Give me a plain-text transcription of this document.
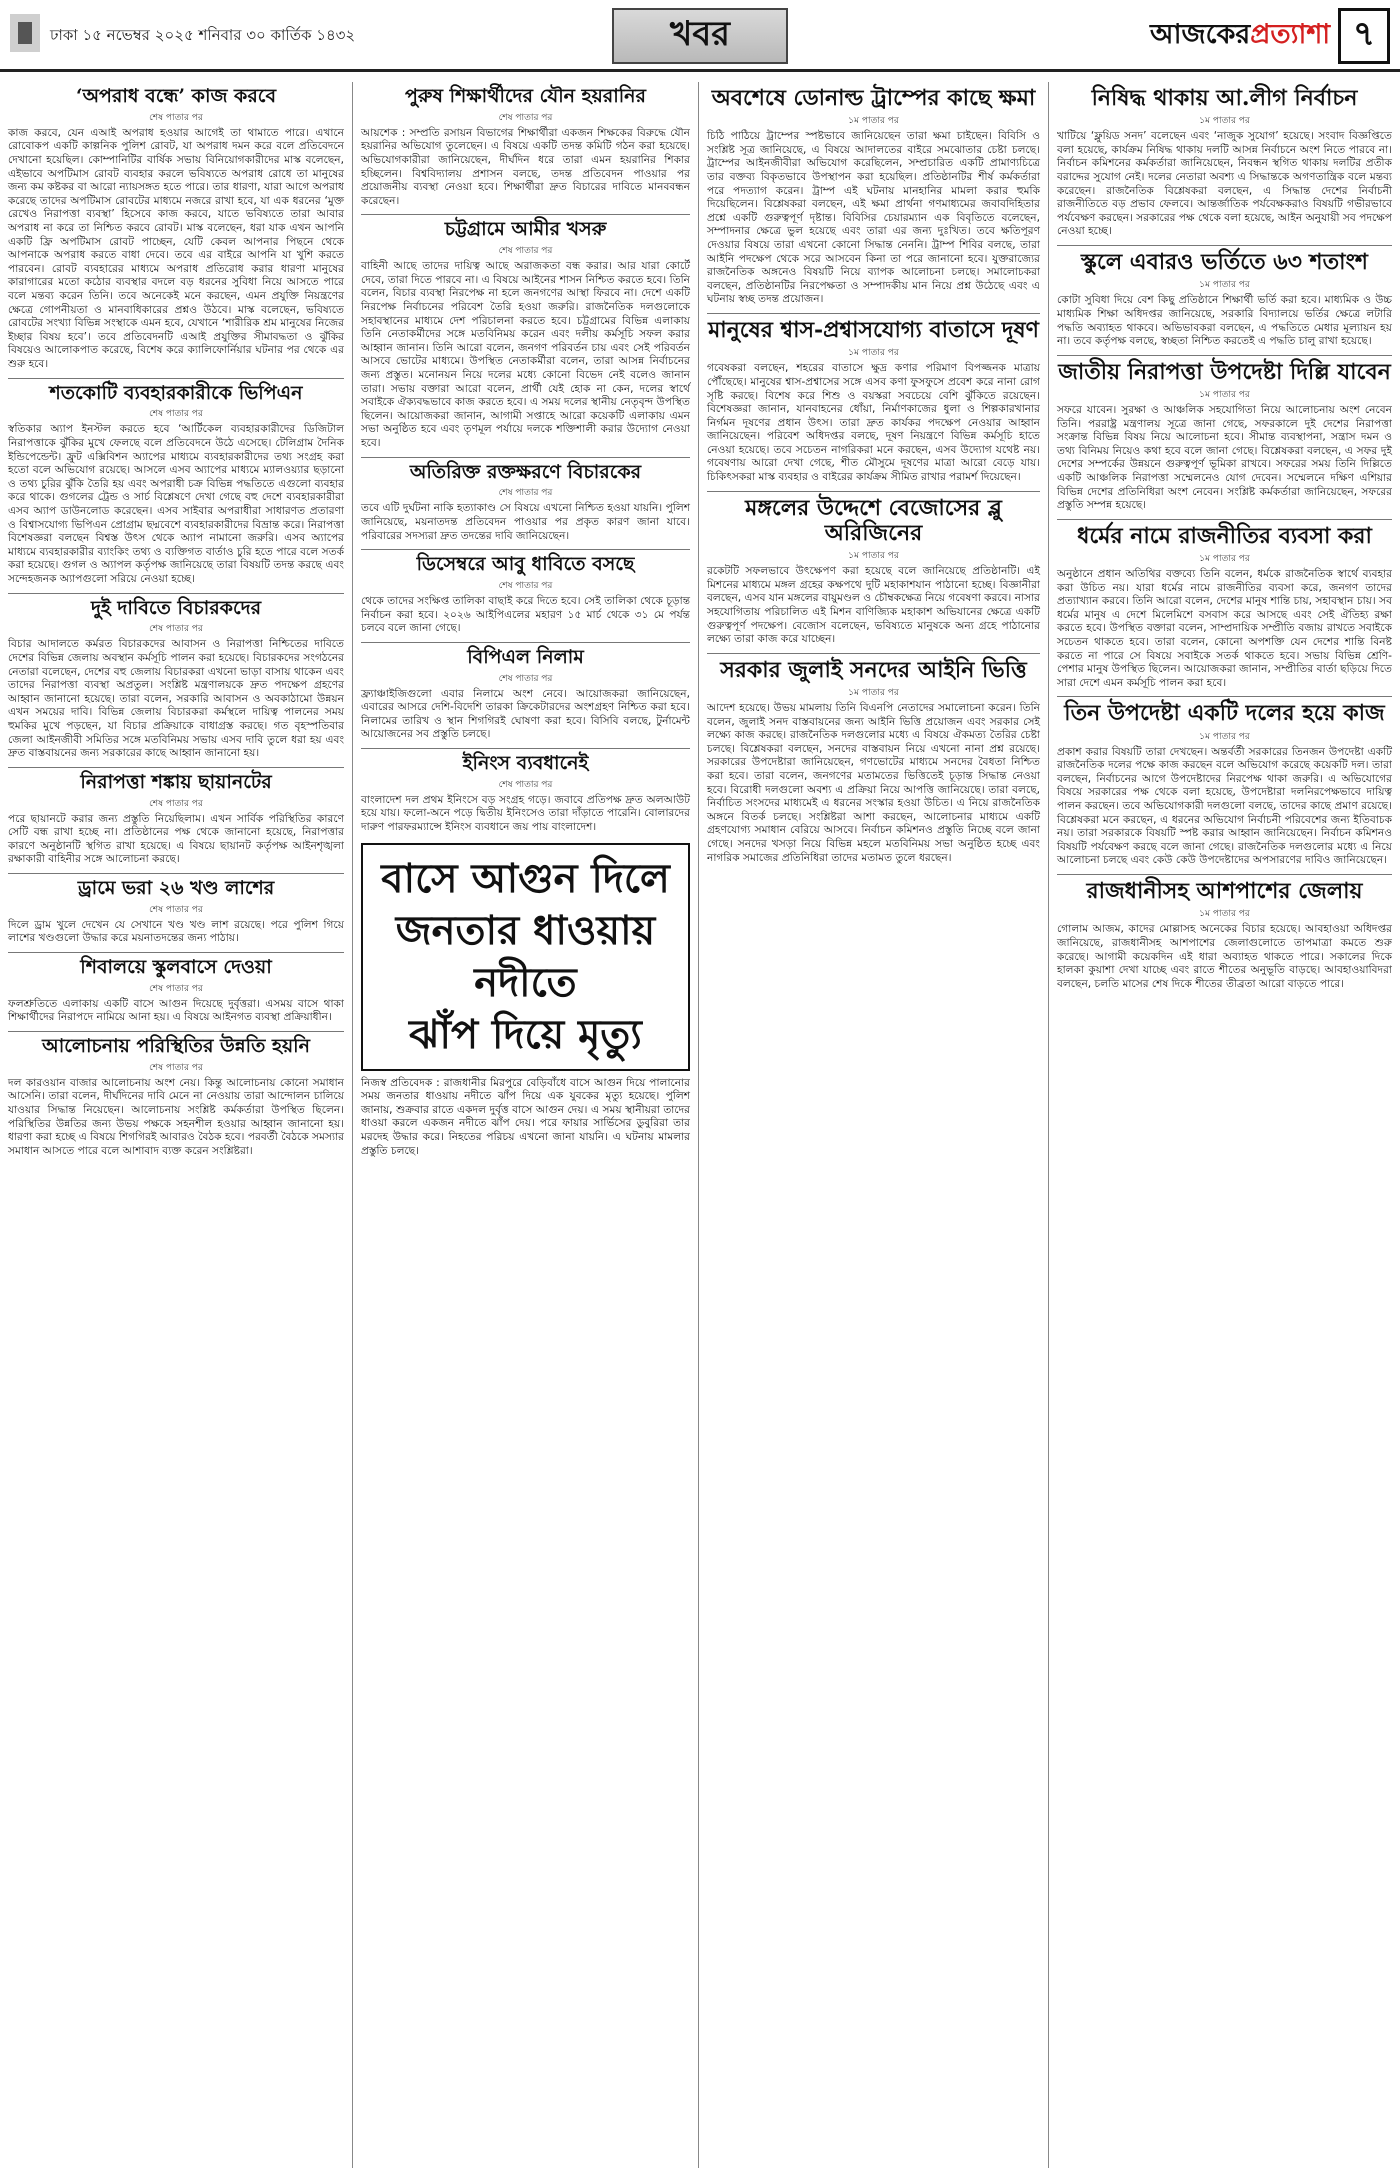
ঢাকা ১৫ নভেম্বর ২০২৫ শনিবার ৩০ কার্তিক ১৪৩২	খবর	আজকের প্রত্যাশা ৭
‘অপরাধ বন্ধে’ কাজ করবে
শেষ পাতার পর

কাজ করবে, যেন এআই অপরাধ হওয়ার আগেই তা থামাতে পারে। এখানে রোবোকপ একটি কাল্পনিক পুলিশ রোবট, যা অপরাধ দমন করে বলে প্রতিবেদনে দেখানো হয়েছিল। কোম্পানিটির বার্ষিক সভায় বিনিয়োগকারীদের মাস্ক বলেছেন, এইভাবে অপটিমাস রোবট ব্যবহার করলে ভবিষ্যতে অপরাধ রোধে তা মানুষের জন্য কম কষ্টকর বা আরো ন্যায়সঙ্গত হতে পারে। তার ধারণা, যারা আগে অপরাধ করেছে তাদের অপটিমাস রোবটের মাধ্যমে নজরে রাখা হবে, যা এক ধরনের ‘মুক্ত রেখেও নিরাপত্তা ব্যবস্থা’ হিসেবে কাজ করবে, যাতে ভবিষ্যতে তারা আবার অপরাধ না করে তা নিশ্চিত করবে রোবট। মাস্ক বলেছেন, ধরা যাক এখন আপনি একটি ফ্রি অপটিমাস রোবট পাচ্ছেন, যেটি কেবল আপনার পিছনে থেকে আপনাকে অপরাধ করতে বাধা দেবে। তবে এর বাইরে আপনি যা খুশি করতে পারবেন। রোবট ব্যবহারের মাধ্যমে অপরাধ প্রতিরোধ করার ধারণা মানুষের কারাগারের মতো কঠোর ব্যবস্থার বদলে বড় ধরনের সুবিধা নিয়ে আসতে পারে বলে মন্তব্য করেন তিনি। তবে অনেকেই মনে করছেন, এমন প্রযুক্তি নিয়ন্ত্রণের ক্ষেত্রে গোপনীয়তা ও মানবাধিকারের প্রশ্নও উঠবে। মাস্ক বলেছেন, ভবিষ্যতে রোবটের সংখ্যা বিভিন্ন সংস্থাকে এমন হবে, যেখানে ‘শারীরিক শ্রম মানুষের নিজের ইচ্ছার বিষয় হবে’। তবে প্রতিবেদনটি এআই প্রযুক্তির সীমাবদ্ধতা ও ঝুঁকির বিষয়েও আলোকপাত করেছে, বিশেষ করে ক্যালিফোর্নিয়ার ঘটনার পর থেকে এর শুরু হবে।

শতকোটি ব্যবহারকারীকে ভিপিএন
শেষ পাতার পর

স্বতিকার অ্যাপ ইনস্টল করতে হবে ‘আর্টিকেল ব্যবহারকারীদের ডিজিটাল নিরাপত্তাকে ঝুঁকির মুখে ফেলছে বলে প্রতিবেদনে উঠে এসেছে। টেলিগ্রাম দৈনিক ইন্ডিপেন্ডেন্ট। ফ্রুট এক্সিবিশন অ্যাপের মাধ্যমে ব্যবহারকারীদের তথ্য সংগ্রহ করা হতো বলে অভিযোগ রয়েছে। আসলে এসব অ্যাপের মাধ্যমে ম্যালওয়্যার ছড়ানো ও তথ্য চুরির ঝুঁকি তৈরি হয় এবং অপরাধী চক্র বিভিন্ন পদ্ধতিতে এগুলো ব্যবহার করে থাকে। গুগলের ট্রেন্ড ও সার্চ বিশ্লেষণে দেখা গেছে বহু দেশে ব্যবহারকারীরা এসব অ্যাপ ডাউনলোড করেছেন। এসব সাইবার অপরাধীরা সাধারণত প্রতারণা ও বিশ্বাসযোগ্য ভিপিএন প্রোগ্রাম ছদ্মবেশে ব্যবহারকারীদের বিভ্রান্ত করে। নিরাপত্তা বিশেষজ্ঞরা বলছেন বিশ্বস্ত উৎস থেকে অ্যাপ নামানো জরুরি। এসব অ্যাপের মাধ্যমে ব্যবহারকারীর ব্যাংকিং তথ্য ও ব্যক্তিগত বার্তাও চুরি হতে পারে বলে সতর্ক করা হয়েছে। গুগল ও অ্যাপল কর্তৃপক্ষ জানিয়েছে তারা বিষয়টি তদন্ত করছে এবং সন্দেহজনক অ্যাপগুলো সরিয়ে নেওয়া হচ্ছে।

দুই দাবিতে বিচারকদের
শেষ পাতার পর

বিচার আদালতে কর্মরত বিচারকদের আবাসন ও নিরাপত্তা নিশ্চিতের দাবিতে দেশের বিভিন্ন জেলায় অবস্থান কর্মসূচি পালন করা হয়েছে। বিচারকদের সংগঠনের নেতারা বলেছেন, দেশের বহু জেলায় বিচারকরা এখনো ভাড়া বাসায় থাকেন এবং তাদের নিরাপত্তা ব্যবস্থা অপ্রতুল। সংশ্লিষ্ট মন্ত্রণালয়কে দ্রুত পদক্ষেপ গ্রহণের আহ্বান জানানো হয়েছে। তারা বলেন, সরকারি আবাসন ও অবকাঠামো উন্নয়ন এখন সময়ের দাবি। বিভিন্ন জেলায় বিচারকরা কর্মস্থলে দায়িত্ব পালনের সময় হুমকির মুখে পড়ছেন, যা বিচার প্রক্রিয়াকে বাধাগ্রস্ত করছে। গত বৃহস্পতিবার জেলা আইনজীবী সমিতির সঙ্গে মতবিনিময় সভায় এসব দাবি তুলে ধরা হয় এবং দ্রুত বাস্তবায়নের জন্য সরকারের কাছে আহ্বান জানানো হয়।

নিরাপত্তা শঙ্কায় ছায়ানটের
শেষ পাতার পর

পরে ছায়ানটে করার জন্য প্রস্তুতি নিয়েছিলাম। এখন সার্বিক পরিস্থিতির কারণে সেটি বন্ধ রাখা হচ্ছে না। প্রতিষ্ঠানের পক্ষ থেকে জানানো হয়েছে, নিরাপত্তার কারণে অনুষ্ঠানটি স্থগিত রাখা হয়েছে। এ বিষয়ে ছায়ানট কর্তৃপক্ষ আইনশৃঙ্খলা রক্ষাকারী বাহিনীর সঙ্গে আলোচনা করছে।

ড্রামে ভরা ২৬ খণ্ড লাশের
শেষ পাতার পর

দিলে ড্রাম খুলে দেখেন যে সেখানে খণ্ড খণ্ড লাশ রয়েছে। পরে পুলিশ গিয়ে লাশের খণ্ডগুলো উদ্ধার করে ময়নাতদন্তের জন্য পাঠায়।

শিবালয়ে স্কুলবাসে দেওয়া
শেষ পাতার পর

ফলশ্রুতিতে এলাকায় একটি বাসে আগুন দিয়েছে দুর্বৃত্তরা। এসময় বাসে থাকা শিক্ষার্থীদের নিরাপদে নামিয়ে আনা হয়। এ বিষয়ে আইনগত ব্যবস্থা প্রক্রিয়াধীন।

আলোচনায় পরিস্থিতির উন্নতি হয়নি
শেষ পাতার পর

দল কারওয়ান বাজার আলোচনায় অংশ নেয়। কিন্তু আলোচনায় কোনো সমাধান আসেনি। তারা বলেন, দীর্ঘদিনের দাবি মেনে না নেওয়ায় তারা আন্দোলন চালিয়ে যাওয়ার সিদ্ধান্ত নিয়েছেন। আলোচনায় সংশ্লিষ্ট কর্মকর্তারা উপস্থিত ছিলেন। পরিস্থিতির উন্নতির জন্য উভয় পক্ষকে সহনশীল হওয়ার আহ্বান জানানো হয়। ধারণা করা হচ্ছে এ বিষয়ে শিগগিরই আবারও বৈঠক হবে। পরবর্তী বৈঠকে সমস্যার সমাধান আসতে পারে বলে আশাবাদ ব্যক্ত করেন সংশ্লিষ্টরা।

পুরুষ শিক্ষার্থীদের যৌন হয়রানির
শেষ পাতার পর

আয়শেক : সম্প্রতি রসায়ন বিভাগের শিক্ষার্থীরা একজন শিক্ষকের বিরুদ্ধে যৌন হয়রানির অভিযোগ তুলেছেন। এ বিষয়ে একটি তদন্ত কমিটি গঠন করা হয়েছে। অভিযোগকারীরা জানিয়েছেন, দীর্ঘদিন ধরে তারা এমন হয়রানির শিকার হচ্ছিলেন। বিশ্ববিদ্যালয় প্রশাসন বলছে, তদন্ত প্রতিবেদন পাওয়ার পর প্রয়োজনীয় ব্যবস্থা নেওয়া হবে। শিক্ষার্থীরা দ্রুত বিচারের দাবিতে মানববন্ধন করেছেন।

চট্টগ্রামে আমীর খসরু
শেষ পাতার পর

বাহিনী আছে তাদের দায়িত্ব আছে অরাজকতা বন্ধ করার। আর যারা কোর্টে দেবে, তারা দিতে পারবে না। এ বিষয়ে আইনের শাসন নিশ্চিত করতে হবে। তিনি বলেন, বিচার ব্যবস্থা নিরপেক্ষ না হলে জনগণের আস্থা ফিরবে না। দেশে একটি নিরপেক্ষ নির্বাচনের পরিবেশ তৈরি হওয়া জরুরি। রাজনৈতিক দলগুলোকে সহাবস্থানের মাধ্যমে দেশ পরিচালনা করতে হবে। চট্টগ্রামের বিভিন্ন এলাকায় তিনি নেতাকর্মীদের সঙ্গে মতবিনিময় করেন এবং দলীয় কর্মসূচি সফল করার আহ্বান জানান। তিনি আরো বলেন, জনগণ পরিবর্তন চায় এবং সেই পরিবর্তন আসবে ভোটের মাধ্যমে। উপস্থিত নেতাকর্মীরা বলেন, তারা আসন্ন নির্বাচনের জন্য প্রস্তুত। মনোনয়ন নিয়ে দলের মধ্যে কোনো বিভেদ নেই বলেও জানান তারা। সভায় বক্তারা আরো বলেন, প্রার্থী যেই হোক না কেন, দলের স্বার্থে সবাইকে ঐক্যবদ্ধভাবে কাজ করতে হবে। এ সময় দলের স্থানীয় নেতৃবৃন্দ উপস্থিত ছিলেন। আয়োজকরা জানান, আগামী সপ্তাহে আরো কয়েকটি এলাকায় এমন সভা অনুষ্ঠিত হবে এবং তৃণমূল পর্যায়ে দলকে শক্তিশালী করার উদ্যোগ নেওয়া হবে।

অতিরিক্ত রক্তক্ষরণে বিচারকের
শেষ পাতার পর

তবে এটি দুর্ঘটনা নাকি হত্যাকাণ্ড সে বিষয়ে এখনো নিশ্চিত হওয়া যায়নি। পুলিশ জানিয়েছে, ময়নাতদন্ত প্রতিবেদন পাওয়ার পর প্রকৃত কারণ জানা যাবে। পরিবারের সদস্যরা দ্রুত তদন্তের দাবি জানিয়েছেন।

ডিসেম্বরে আবু ধাবিতে বসছে
শেষ পাতার পর

থেকে তাদের সংক্ষিপ্ত তালিকা বাছাই করে দিতে হবে। সেই তালিকা থেকে চূড়ান্ত নির্বাচন করা হবে। ২০২৬ আইপিএলের মহারণ ১৫ মার্চ থেকে ৩১ মে পর্যন্ত চলবে বলে জানা গেছে।

বিপিএল নিলাম
শেষ পাতার পর

ফ্র্যাঞ্চাইজিগুলো এবার নিলামে অংশ নেবে। আয়োজকরা জানিয়েছেন, এবারের আসরে দেশি-বিদেশি তারকা ক্রিকেটারদের অংশগ্রহণ নিশ্চিত করা হবে। নিলামের তারিখ ও স্থান শিগগিরই ঘোষণা করা হবে। বিসিবি বলছে, টুর্নামেন্ট আয়োজনের সব প্রস্তুতি চলছে।

ইনিংস ব্যবধানেই
শেষ পাতার পর

বাংলাদেশ দল প্রথম ইনিংসে বড় সংগ্রহ গড়ে। জবাবে প্রতিপক্ষ দ্রুত অলআউট হয়ে যায়। ফলো-অনে পড়ে দ্বিতীয় ইনিংসেও তারা দাঁড়াতে পারেনি। বোলারদের দারুণ পারফরম্যান্সে ইনিংস ব্যবধানে জয় পায় বাংলাদেশ।

বাসে আগুন দিলে
জনতার ধাওয়ায় নদীতে
ঝাঁপ দিয়ে মৃত্যু

নিজস্ব প্রতিবেদক : রাজধানীর মিরপুরে বেড়িবাঁধে বাসে আগুন দিয়ে পালানোর সময় জনতার ধাওয়ায় নদীতে ঝাঁপ দিয়ে এক যুবকের মৃত্যু হয়েছে। পুলিশ জানায়, শুক্রবার রাতে একদল দুর্বৃত্ত বাসে আগুন দেয়। এ সময় স্থানীয়রা তাদের ধাওয়া করলে একজন নদীতে ঝাঁপ দেয়। পরে ফায়ার সার্ভিসের ডুবুরিরা তার মরদেহ উদ্ধার করে। নিহতের পরিচয় এখনো জানা যায়নি। এ ঘটনায় মামলার প্রস্তুতি চলছে।

অবশেষে ডোনাল্ড ট্রাম্পের কাছে ক্ষমা
১ম পাতার পর

চিঠি পাঠিয়ে ট্রাম্পের স্পষ্টভাবে জানিয়েছেন তারা ক্ষমা চাইছেন। বিবিসি ও সংশ্লিষ্ট সূত্র জানিয়েছে, এ বিষয়ে আদালতের বাইরে সমঝোতার চেষ্টা চলছে। ট্রাম্পের আইনজীবীরা অভিযোগ করেছিলেন, সম্প্রচারিত একটি প্রামাণ্যচিত্রে তার বক্তব্য বিকৃতভাবে উপস্থাপন করা হয়েছিল। প্রতিষ্ঠানটির শীর্ষ কর্মকর্তারা পরে পদত্যাগ করেন। ট্রাম্প এই ঘটনায় মানহানির মামলা করার হুমকি দিয়েছিলেন। বিশ্লেষকরা বলছেন, এই ক্ষমা প্রার্থনা গণমাধ্যমের জবাবদিহিতার প্রশ্নে একটি গুরুত্বপূর্ণ দৃষ্টান্ত। বিবিসির চেয়ারম্যান এক বিবৃতিতে বলেছেন, সম্পাদনার ক্ষেত্রে ভুল হয়েছে এবং তারা এর জন্য দুঃখিত। তবে ক্ষতিপূরণ দেওয়ার বিষয়ে তারা এখনো কোনো সিদ্ধান্ত নেননি। ট্রাম্প শিবির বলছে, তারা আইনি পদক্ষেপ থেকে সরে আসবেন কিনা তা পরে জানানো হবে। যুক্তরাজ্যের রাজনৈতিক অঙ্গনেও বিষয়টি নিয়ে ব্যাপক আলোচনা চলছে। সমালোচকরা বলছেন, প্রতিষ্ঠানটির নিরপেক্ষতা ও সম্পাদকীয় মান নিয়ে প্রশ্ন উঠেছে এবং এ ঘটনায় স্বচ্ছ তদন্ত প্রয়োজন।

মানুষের শ্বাস-প্রশ্বাসযোগ্য বাতাসে দূষণ
১ম পাতার পর

গবেষকরা বলছেন, শহরের বাতাসে ক্ষুদ্র কণার পরিমাণ বিপজ্জনক মাত্রায় পৌঁছেছে। মানুষের শ্বাস-প্রশ্বাসের সঙ্গে এসব কণা ফুসফুসে প্রবেশ করে নানা রোগ সৃষ্টি করছে। বিশেষ করে শিশু ও বয়স্করা সবচেয়ে বেশি ঝুঁকিতে রয়েছেন। বিশেষজ্ঞরা জানান, যানবাহনের ধোঁয়া, নির্মাণকাজের ধুলা ও শিল্পকারখানার নির্গমন দূষণের প্রধান উৎস। তারা দ্রুত কার্যকর পদক্ষেপ নেওয়ার আহ্বান জানিয়েছেন। পরিবেশ অধিদপ্তর বলছে, দূষণ নিয়ন্ত্রণে বিভিন্ন কর্মসূচি হাতে নেওয়া হয়েছে। তবে সচেতন নাগরিকরা মনে করছেন, এসব উদ্যোগ যথেষ্ট নয়। গবেষণায় আরো দেখা গেছে, শীত মৌসুমে দূষণের মাত্রা আরো বেড়ে যায়। চিকিৎসকরা মাস্ক ব্যবহার ও বাইরের কার্যক্রম সীমিত রাখার পরামর্শ দিয়েছেন।

মঙ্গলের উদ্দেশে বেজোসের ব্লু অরিজিনের
১ম পাতার পর

রকেটটি সফলভাবে উৎক্ষেপণ করা হয়েছে বলে জানিয়েছে প্রতিষ্ঠানটি। এই মিশনের মাধ্যমে মঙ্গল গ্রহের কক্ষপথে দুটি মহাকাশযান পাঠানো হচ্ছে। বিজ্ঞানীরা বলছেন, এসব যান মঙ্গলের বায়ুমণ্ডল ও চৌম্বকক্ষেত্র নিয়ে গবেষণা করবে। নাসার সহযোগিতায় পরিচালিত এই মিশন বাণিজ্যিক মহাকাশ অভিযানের ক্ষেত্রে একটি গুরুত্বপূর্ণ পদক্ষেপ। বেজোস বলেছেন, ভবিষ্যতে মানুষকে অন্য গ্রহে পাঠানোর লক্ষ্যে তারা কাজ করে যাচ্ছেন।

সরকার জুলাই সনদের আইনি ভিত্তি
১ম পাতার পর

আদেশ হয়েছে। উভয় মামলায় তিনি বিএনপি নেতাদের সমালোচনা করেন। তিনি বলেন, জুলাই সনদ বাস্তবায়নের জন্য আইনি ভিত্তি প্রয়োজন এবং সরকার সেই লক্ষ্যে কাজ করছে। রাজনৈতিক দলগুলোর মধ্যে এ বিষয়ে ঐকমত্য তৈরির চেষ্টা চলছে। বিশ্লেষকরা বলছেন, সনদের বাস্তবায়ন নিয়ে এখনো নানা প্রশ্ন রয়েছে। সরকারের উপদেষ্টারা জানিয়েছেন, গণভোটের মাধ্যমে সনদের বৈধতা নিশ্চিত করা হবে। তারা বলেন, জনগণের মতামতের ভিত্তিতেই চূড়ান্ত সিদ্ধান্ত নেওয়া হবে। বিরোধী দলগুলো অবশ্য এ প্রক্রিয়া নিয়ে আপত্তি জানিয়েছে। তারা বলছে, নির্বাচিত সংসদের মাধ্যমেই এ ধরনের সংস্কার হওয়া উচিত। এ নিয়ে রাজনৈতিক অঙ্গনে বিতর্ক চলছে। সংশ্লিষ্টরা আশা করছেন, আলোচনার মাধ্যমে একটি গ্রহণযোগ্য সমাধান বেরিয়ে আসবে। নির্বাচন কমিশনও প্রস্তুতি নিচ্ছে বলে জানা গেছে। সনদের খসড়া নিয়ে বিভিন্ন মহলে মতবিনিময় সভা অনুষ্ঠিত হচ্ছে এবং নাগরিক সমাজের প্রতিনিধিরা তাদের মতামত তুলে ধরছেন।

নিষিদ্ধ থাকায় আ.লীগ নির্বাচন
১ম পাতার পর

খাটিয়ে ‘ফ্লুয়িড সনদ’ বলেছেন এবং ‘নাজুক সুযোগ’ হয়েছে। সংবাদ বিজ্ঞপ্তিতে বলা হয়েছে, কার্যক্রম নিষিদ্ধ থাকায় দলটি আসন্ন নির্বাচনে অংশ নিতে পারবে না। নির্বাচন কমিশনের কর্মকর্তারা জানিয়েছেন, নিবন্ধন স্থগিত থাকায় দলটির প্রতীক বরাদ্দের সুযোগ নেই। দলের নেতারা অবশ্য এ সিদ্ধান্তকে অগণতান্ত্রিক বলে মন্তব্য করেছেন। রাজনৈতিক বিশ্লেষকরা বলছেন, এ সিদ্ধান্ত দেশের নির্বাচনী রাজনীতিতে বড় প্রভাব ফেলবে। আন্তর্জাতিক পর্যবেক্ষকরাও বিষয়টি গভীরভাবে পর্যবেক্ষণ করছেন। সরকারের পক্ষ থেকে বলা হয়েছে, আইন অনুযায়ী সব পদক্ষেপ নেওয়া হচ্ছে।

স্কুলে এবারও ভর্তিতে ৬৩ শতাংশ
১ম পাতার পর

কোটা সুবিধা দিয়ে বেশ কিছু প্রতিষ্ঠানে শিক্ষার্থী ভর্তি করা হবে। মাধ্যমিক ও উচ্চ মাধ্যমিক শিক্ষা অধিদপ্তর জানিয়েছে, সরকারি বিদ্যালয়ে ভর্তির ক্ষেত্রে লটারি পদ্ধতি অব্যাহত থাকবে। অভিভাবকরা বলছেন, এ পদ্ধতিতে মেধার মূল্যায়ন হয় না। তবে কর্তৃপক্ষ বলছে, স্বচ্ছতা নিশ্চিত করতেই এ পদ্ধতি চালু রাখা হয়েছে।

জাতীয় নিরাপত্তা উপদেষ্টা দিল্লি যাবেন
১ম পাতার পর

সফরে যাবেন। সুরক্ষা ও আঞ্চলিক সহযোগিতা নিয়ে আলোচনায় অংশ নেবেন তিনি। পররাষ্ট্র মন্ত্রণালয় সূত্রে জানা গেছে, সফরকালে দুই দেশের নিরাপত্তা সংক্রান্ত বিভিন্ন বিষয় নিয়ে আলোচনা হবে। সীমান্ত ব্যবস্থাপনা, সন্ত্রাস দমন ও তথ্য বিনিময় নিয়েও কথা হবে বলে জানা গেছে। বিশ্লেষকরা বলছেন, এ সফর দুই দেশের সম্পর্কের উন্নয়নে গুরুত্বপূর্ণ ভূমিকা রাখবে। সফরের সময় তিনি দিল্লিতে একটি আঞ্চলিক নিরাপত্তা সম্মেলনেও যোগ দেবেন। সম্মেলনে দক্ষিণ এশিয়ার বিভিন্ন দেশের প্রতিনিধিরা অংশ নেবেন। সংশ্লিষ্ট কর্মকর্তারা জানিয়েছেন, সফরের প্রস্তুতি সম্পন্ন হয়েছে।

ধর্মের নামে রাজনীতির ব্যবসা করা
১ম পাতার পর

অনুষ্ঠানে প্রধান অতিথির বক্তব্যে তিনি বলেন, ধর্মকে রাজনৈতিক স্বার্থে ব্যবহার করা উচিত নয়। যারা ধর্মের নামে রাজনীতির ব্যবসা করে, জনগণ তাদের প্রত্যাখ্যান করবে। তিনি আরো বলেন, দেশের মানুষ শান্তি চায়, সহাবস্থান চায়। সব ধর্মের মানুষ এ দেশে মিলেমিশে বসবাস করে আসছে এবং সেই ঐতিহ্য রক্ষা করতে হবে। উপস্থিত বক্তারা বলেন, সাম্প্রদায়িক সম্প্রীতি বজায় রাখতে সবাইকে সচেতন থাকতে হবে। তারা বলেন, কোনো অপশক্তি যেন দেশের শান্তি বিনষ্ট করতে না পারে সে বিষয়ে সবাইকে সতর্ক থাকতে হবে। সভায় বিভিন্ন শ্রেণি-পেশার মানুষ উপস্থিত ছিলেন। আয়োজকরা জানান, সম্প্রীতির বার্তা ছড়িয়ে দিতে সারা দেশে এমন কর্মসূচি পালন করা হবে।

তিন উপদেষ্টা একটি দলের হয়ে কাজ
১ম পাতার পর

প্রকাশ করার বিষয়টি তারা দেখছেন। অন্তর্বর্তী সরকারের তিনজন উপদেষ্টা একটি রাজনৈতিক দলের পক্ষে কাজ করছেন বলে অভিযোগ করেছে কয়েকটি দল। তারা বলছেন, নির্বাচনের আগে উপদেষ্টাদের নিরপেক্ষ থাকা জরুরি। এ অভিযোগের বিষয়ে সরকারের পক্ষ থেকে বলা হয়েছে, উপদেষ্টারা দলনিরপেক্ষভাবে দায়িত্ব পালন করছেন। তবে অভিযোগকারী দলগুলো বলছে, তাদের কাছে প্রমাণ রয়েছে। বিশ্লেষকরা মনে করছেন, এ ধরনের অভিযোগ নির্বাচনী পরিবেশের জন্য ইতিবাচক নয়। তারা সরকারকে বিষয়টি স্পষ্ট করার আহ্বান জানিয়েছেন। নির্বাচন কমিশনও বিষয়টি পর্যবেক্ষণ করছে বলে জানা গেছে। রাজনৈতিক দলগুলোর মধ্যে এ নিয়ে আলোচনা চলছে এবং কেউ কেউ উপদেষ্টাদের অপসারণের দাবিও জানিয়েছেন।

রাজধানীসহ আশপাশের জেলায়
১ম পাতার পর

গোলাম আজম, কাদের মোল্লাসহ অনেকের বিচার হয়েছে। আবহাওয়া অধিদপ্তর জানিয়েছে, রাজধানীসহ আশপাশের জেলাগুলোতে তাপমাত্রা কমতে শুরু করেছে। আগামী কয়েকদিন এই ধারা অব্যাহত থাকতে পারে। সকালের দিকে হালকা কুয়াশা দেখা যাচ্ছে এবং রাতে শীতের অনুভূতি বাড়ছে। আবহাওয়াবিদরা বলছেন, চলতি মাসের শেষ দিকে শীতের তীব্রতা আরো বাড়তে পারে।
